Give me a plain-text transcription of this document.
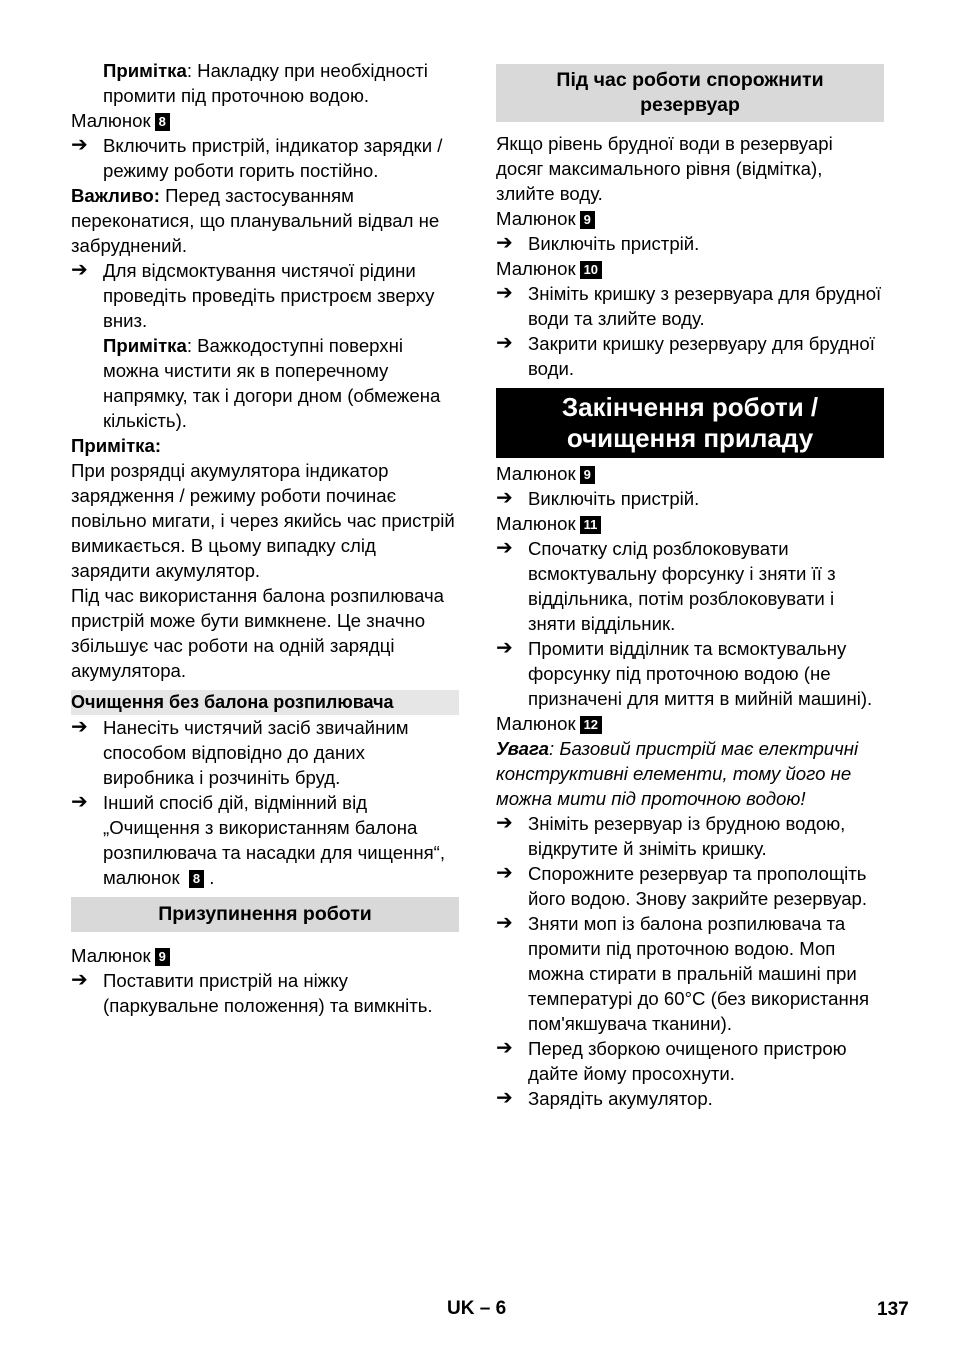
Примітка: Накладку при необхідності промити під проточною водою.

Малюнок 8

➔ Включить пристрій, індикатор зарядки / режиму роботи горить постійно.

Важливо: Перед застосуванням переконатися, що планувальний відвал не забруднений.

➔ Для відсмоктування чистячої рідини проведіть проведіть пристроєм зверху вниз.

Примітка: Важкодоступні поверхні можна чистити як в поперечному напрямку, так і догори дном (обмежена кількість).

Примітка:

При розрядці акумулятора індикатор зарядження / режиму роботи починає повільно мигати, і через якийсь час пристрій вимикається. В цьому випадку слід зарядити акумулятор.

Під час використання балона розпилювача пристрій може бути вимкнене. Це значно збільшує час роботи на одній зарядці акумулятора.

Очищення без балона розпилювача
➔ Нанесіть чистячий засіб звичайним способом відповідно до даних виробника і розчиніть бруд.
➔ Інший спосіб дій, відмінний від „Очищення з використанням балона розпилювача та насадки для чищення“, малюнок 8 .
Призупинення роботи

Малюнок 9

➔ Поставити пристрій на ніжку (паркувальне положення) та вимкніть.
Під час роботи спорожнити резервуар

Якщо рівень брудної води в резервуарі досяг максимального рівня (відмітка), злийте воду.

Малюнок 9

➔ Виключіть пристрій.

Малюнок 10

➔ Зніміть кришку з резервуара для брудної води та злийте воду.
➔ Закрити кришку резервуару для брудної води.
Закінчення роботи / очищення приладу

Малюнок 9

➔ Виключіть пристрій.

Малюнок 11

➔ Спочатку слід розблоковувати всмоктувальну форсунку і зняти її з віддільника, потім розблоковувати і зняти віддільник.
➔ Промити відділник та всмоктувальну форсунку під проточною водою (не призначені для миття в мийній машині).

Малюнок 12

Увага: Базовий пристрій має електричні конструктивні елементи, тому його не можна мити під проточною водою!

➔ Зніміть резервуар із брудною водою, відкрутите й зніміть кришку.
➔ Спорожните резервуар та прополощіть його водою. Знову закрийте резервуар.
➔ Зняти моп із балона розпилювача та промити під проточною водою. Моп можна стирати в пральній машині при температурі до 60°C (без використання пом'якшувача тканини).
➔ Перед зборкою очищеного пристрою дайте йому просохнути.
➔ Зарядіть акумулятор.
UK – 6	137
